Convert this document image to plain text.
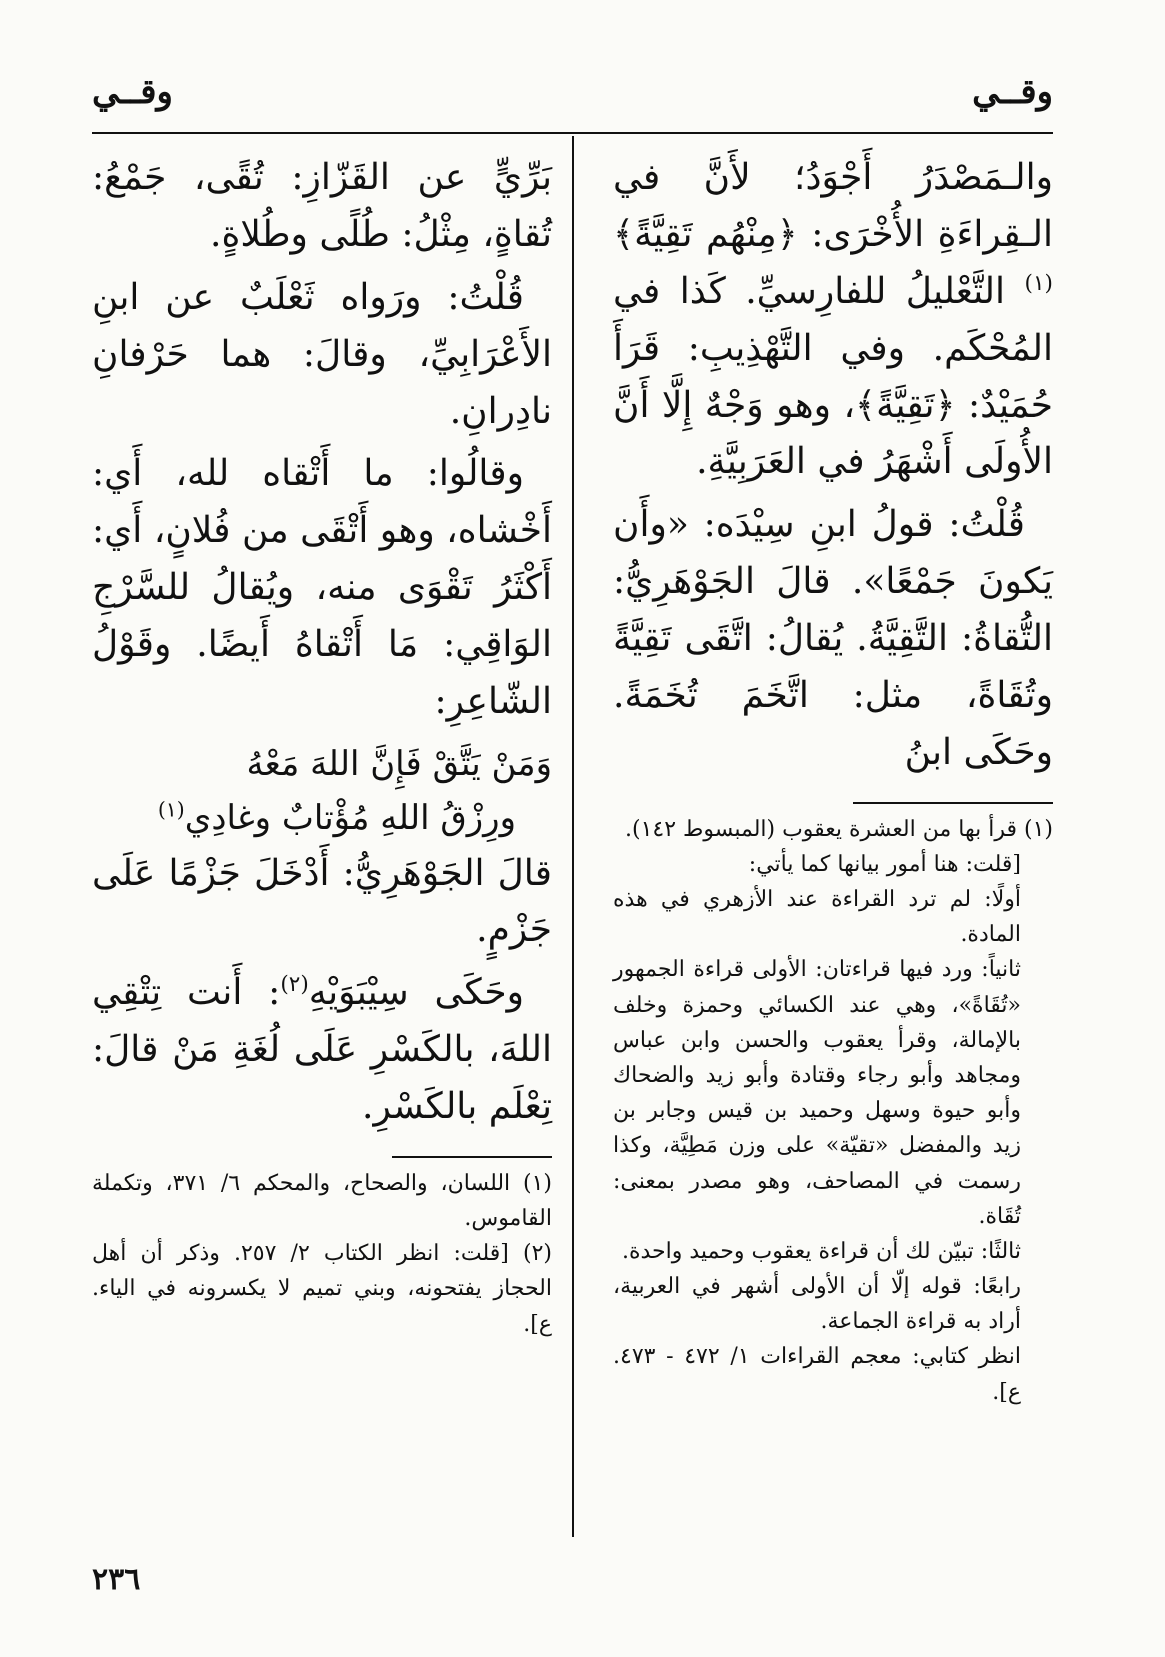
وقــي
وقــي

والـمَصْدَرُ أَجْوَدُ؛ لأَنَّ في الـقِراءَةِ الأُخْرَى: ﴿مِنْهُم تَقِيَّةً﴾$^{(١)}$ التَّعْليلُ للفارِسيِّ. كَذا في المُحْكَم. وفي التَّهْذِيبِ: قَرَأَ حُمَيْدٌ: ﴿تَقِيَّةً﴾، وهو وَجْهٌ إِلَّا أَنَّ الأُولَى أَشْهَرُ في العَرَبِيَّةِ.

قُلْتُ: قولُ ابنِ سِيْدَه: «وأَن يَكونَ جَمْعًا». قالَ الجَوْهَرِيُّ: التُّقاةُ: التَّقِيَّةُ. يُقالُ: اتَّقَى تَقِيَّةً وتُقَاةً، مثل: اتَّخَمَ تُخَمَةً. وحَكَى ابنُ

(١) قرأ بها من العشرة يعقوب (المبسوط ١٤٢).

[قلت: هنا أمور بيانها كما يأتي:

أولًا: لم ترد القراءة عند الأزهري في هذه المادة.

ثانياً: ورد فيها قراءتان: الأولى قراءة الجمهور «تُقَاةً»، وهي عند الكسائي وحمزة وخلف بالإمالة، وقرأ يعقوب والحسن وابن عباس ومجاهد وأبو رجاء وقتادة وأبو زيد والضحاك وأبو حيوة وسهل وحميد بن قيس وجابر بن زيد والمفضل «تقيّة» على وزن مَطِيَّة، وكذا رسمت في المصاحف، وهو مصدر بمعنى: تُقَاة.

ثالثًا: تبيّن لك أن قراءة يعقوب وحميد واحدة.

رابعًا: قوله إلّا أن الأولى أشهر في العربية، أراد به قراءة الجماعة.

انظر كتابي: معجم القراءات ١/ ٤٧٢ - ٤٧٣. ع].

بَرِّيٍّ عن القَزّازِ: تُقًى، جَمْعُ: تُقاةٍ، مِثْلُ: طُلًى وطُلاةٍ.

قُلْتُ: ورَواه ثَعْلَبٌ عن ابنِ الأَعْرَابِيِّ، وقالَ: هما حَرْفانِ نادِرانِ.

وقالُوا: ما أَتْقاه لله، أَي: أَخْشاه، وهو أَتْقَى من فُلانٍ، أَي: أَكْثَرُ تَقْوَى منه، ويُقالُ للسَّرْجِ الوَاقِي: مَا أَتْقاهُ أَيضًا. وقَوْلُ الشّاعِرِ:

وَمَنْ يَتَّقْ فَإِنَّ اللهَ مَعْهُ
ورِزْقُ اللهِ مُؤْتابٌ وغادِي$^{(١)}$

قالَ الجَوْهَرِيُّ: أَدْخَلَ جَزْمًا عَلَى جَزْمٍ.

وحَكَى سِيْبَوَيْهِ$^{(٢)}$: أَنت تِتْقِي اللهَ، بالكَسْرِ عَلَى لُغَةِ مَنْ قالَ: تِعْلَم بالكَسْرِ.

(١) اللسان، والصحاح، والمحكم ٦/ ٣٧١، وتكملة القاموس.

(٢) [قلت: انظر الكتاب ٢/ ٢٥٧. وذكر أن أهل الحجاز يفتحونه، وبني تميم لا يكسرونه في الياء. ع].

٢٣٦
